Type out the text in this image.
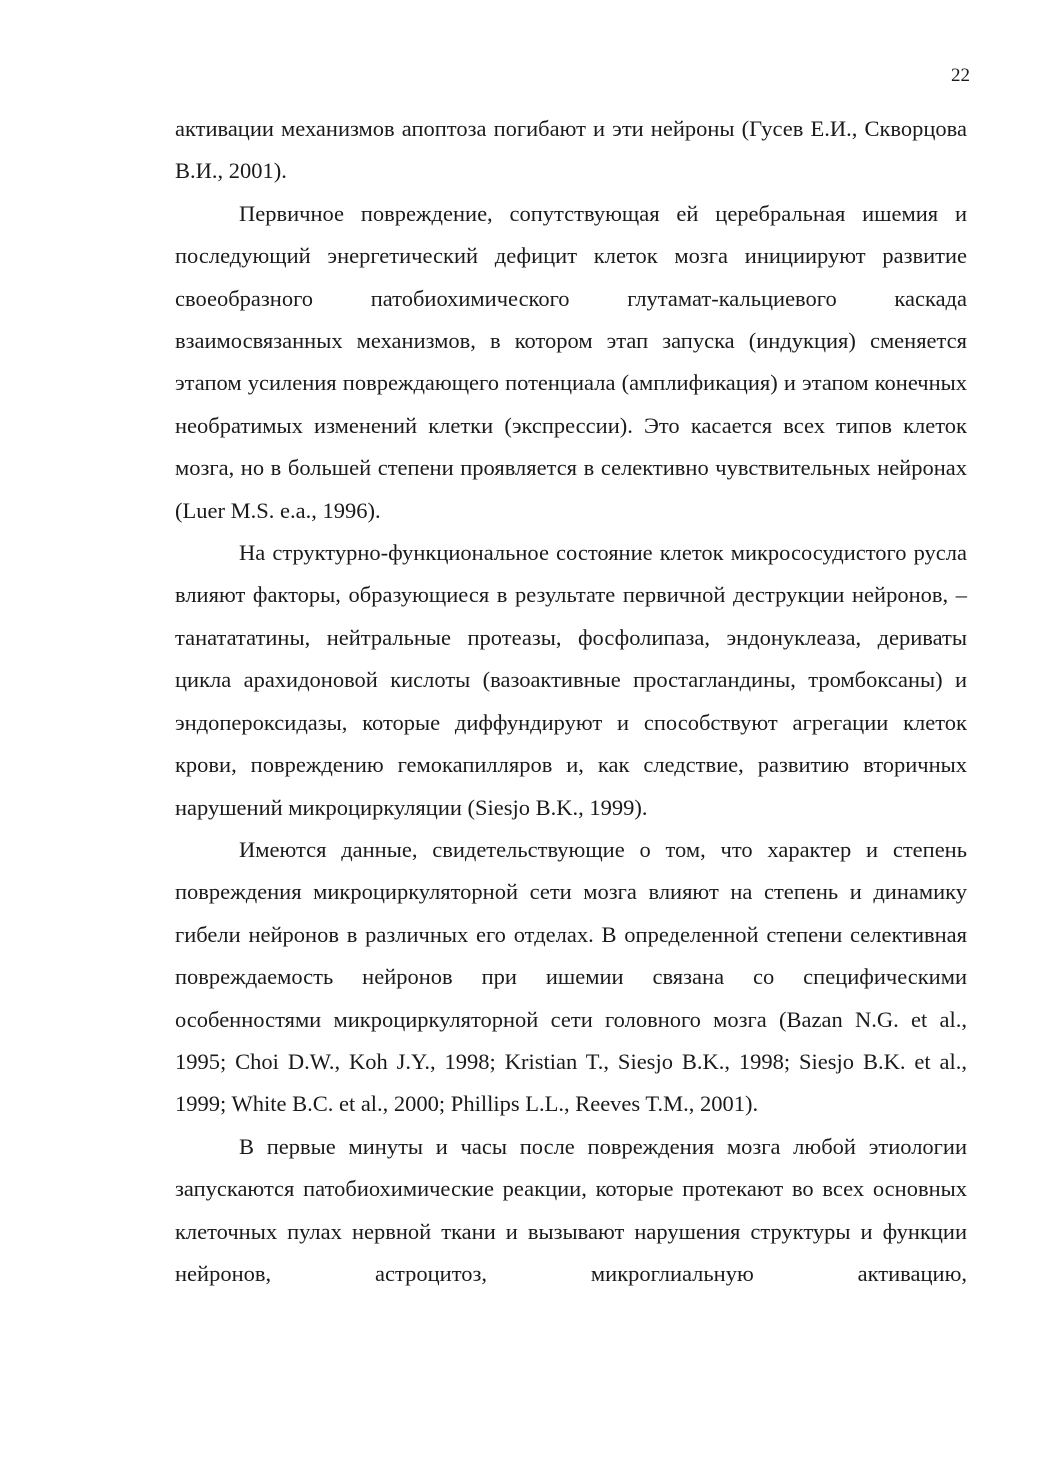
22

активации механизмов апоптоза погибают и эти нейроны (Гусев Е.И., Скворцова В.И., 2001).

Первичное повреждение, сопутствующая ей церебральная ишемия и последующий энергетический дефицит клеток мозга инициируют развитие своеобразного патобиохимического глутамат-кальциевого каскада взаимосвязанных механизмов, в котором этап запуска (индукция) сменяется этапом усиления повреждающего потенциала (амплификация) и этапом конечных необратимых изменений клетки (экспрессии). Это касается всех типов клеток мозга, но в большей степени проявляется в селективно чувствительных нейронах (Luer M.S. e.a., 1996).

На структурно-функциональное состояние клеток микрососудистого русла влияют факторы, образующиеся в результате первичной деструкции нейронов, – танатататины, нейтральные протеазы, фосфолипаза, эндонуклеаза, дериваты цикла арахидоновой кислоты (вазоактивные простагландины, тромбоксаны) и эндопероксидазы, которые диффундируют и способствуют агрегации клеток крови, повреждению гемокапилляров и, как следствие, развитию вторичных нарушений микроциркуляции (Siesjo B.K., 1999).

Имеются данные, свидетельствующие о том, что характер и степень повреждения микроциркуляторной сети мозга влияют на степень и динамику гибели нейронов в различных его отделах. В определенной степени селективная повреждаемость нейронов при ишемии связана со специфическими особенностями микроциркуляторной сети головного мозга (Bazan N.G. et al., 1995; Choi D.W., Koh J.Y., 1998; Kristian T., Siesjo B.K., 1998; Siesjo B.K. et al., 1999; White B.C. et al., 2000; Phillips L.L., Reeves T.M., 2001).

В первые минуты и часы после повреждения мозга любой этиологии запускаются патобиохимические реакции, которые протекают во всех основных клеточных пулах нервной ткани и вызывают нарушения структуры и функции нейронов, астроцитоз, микроглиальную активацию,
